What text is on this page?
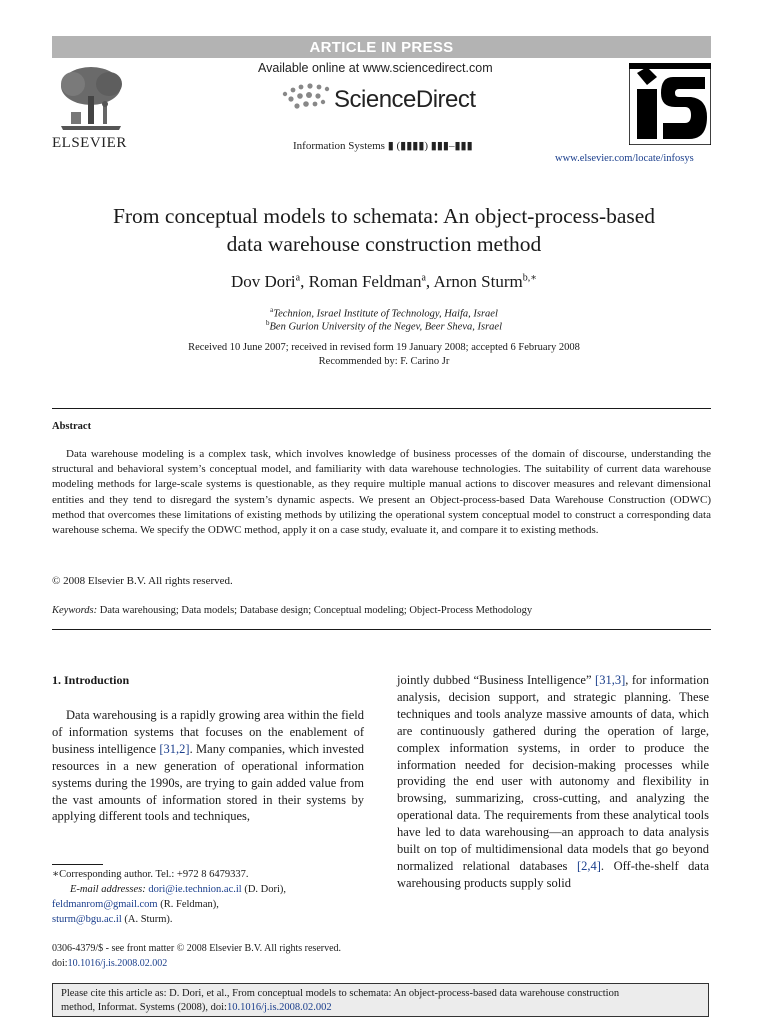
ARTICLE IN PRESS
ELSEVIER
Available online at www.sciencedirect.com
ScienceDirect
Information Systems ▮ (▮▮▮▮) ▮▮▮–▮▮▮
www.elsevier.com/locate/infosys
From conceptual models to schemata: An object-process-based
data warehouse construction method
Dov Dori$^a$, Roman Feldman$^a$, Arnon Sturm$^{b,∗}$
$^a$Technion, Israel Institute of Technology, Haifa, Israel
$^b$Ben Gurion University of the Negev, Beer Sheva, Israel
Received 10 June 2007; received in revised form 19 January 2008; accepted 6 February 2008
Recommended by: F. Carino Jr
Abstract

Data warehouse modeling is a complex task, which involves knowledge of business processes of the domain of discourse, understanding the structural and behavioral system’s conceptual model, and familiarity with data warehouse technologies. The suitability of current data warehouse modeling methods for large-scale systems is questionable, as they require multiple manual actions to discover measures and relevant dimensional entities and they tend to disregard the system’s dynamic aspects. We present an Object-process-based Data Warehouse Construction (ODWC) method that overcomes these limitations of existing methods by utilizing the operational system conceptual model to construct a corresponding data warehouse schema. We specify the ODWC method, apply it on a case study, evaluate it, and compare it to existing methods.

© 2008 Elsevier B.V. All rights reserved.
Keywords: Data warehousing; Data models; Database design; Conceptual modeling; Object-Process Methodology
1. Introduction

Data warehousing is a rapidly growing area within the field of information systems that focuses on the enablement of business intelligence [31,2]. Many companies, which invested resources in a new generation of operational information systems during the 1990s, are trying to gain added value from the vast amounts of information stored in their systems by applying different tools and techniques,

jointly dubbed “Business Intelligence” [31,3], for information analysis, decision support, and strategic planning. These techniques and tools analyze massive amounts of data, which are continuously gathered during the operation of large, complex information systems, in order to produce the information needed for decision-making processes while providing the end user with autonomy and flexibility in browsing, summarizing, cross-cutting, and analyzing the operational data. The requirements from these analytical tools have led to data warehousing—an approach to data analysis built on top of multidimensional data models that go beyond normalized relational databases [2,4]. Off-the-shelf data warehousing products supply solid

∗Corresponding author. Tel.: +972 8 6479337.
E-mail addresses: dori@ie.technion.ac.il (D. Dori),
feldmanrom@gmail.com (R. Feldman),
sturm@bgu.ac.il (A. Sturm).
0306-4379/$ - see front matter © 2008 Elsevier B.V. All rights reserved.
doi:10.1016/j.is.2008.02.002
Please cite this article as: D. Dori, et al., From conceptual models to schemata: An object-process-based data warehouse construction
method, Informat. Systems (2008), doi:10.1016/j.is.2008.02.002
